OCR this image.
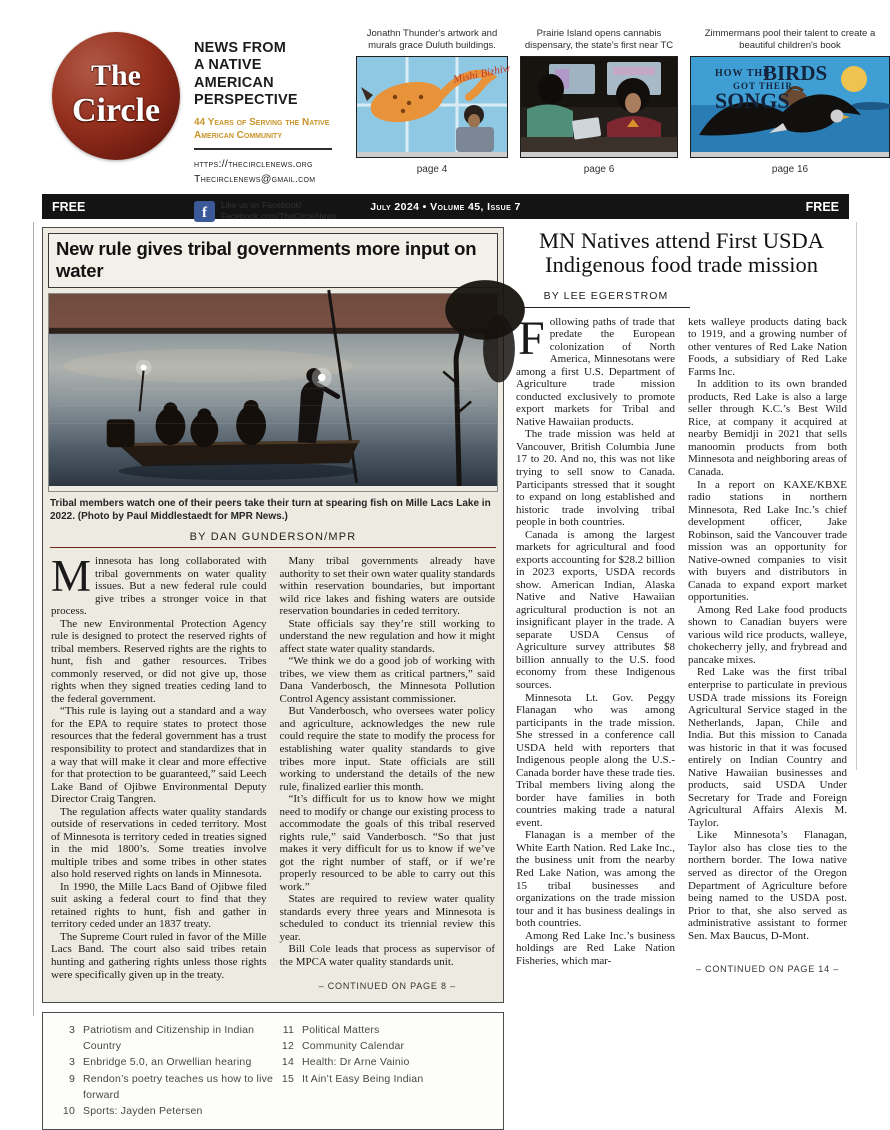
The
Circle
NEWS FROM
A NATIVE
AMERICAN
PERSPECTIVE
44 Years of Serving the Native American Community
https://thecirclenews.org
Thecirclenews@gmail.com
f	Like us on Facebook!
Facebook.com/TheCircleNews
Jonathn Thunder's artwork and murals grace Duluth buildings.
Mishi Bizhiw
page 4
Prairie Island opens cannabis dispensary, the state's first near TC
page 6
Zimmermans pool their talent to create a beautiful children's book
HOW THE
BIRDS
GOT THEIR
SONGS
page 16
FREE	July 2024 • Volume 45, Issue 7	FREE
New rule gives tribal governments more input on water
Tribal members watch one of their peers take their turn at spearing fish on Mille Lacs Lake in 2022. (Photo by Paul Middlestaedt for MPR News.)
BY DAN GUNDERSON/MPR

Minnesota has long collaborated with tribal governments on water quality issues. But a new federal rule could give tribes a stronger voice in that process.

The new Environmental Protection Agency rule is designed to protect the reserved rights of tribal members. Reserved rights are the rights to hunt, fish and gather resources. Tribes commonly reserved, or did not give up, those rights when they signed treaties ceding land to the federal government.

“This rule is laying out a standard and a way for the EPA to require states to protect those resources that the federal government has a trust responsibility to protect and standardizes that in a way that will make it clear and more effective for that protection to be guaranteed,” said Leech Lake Band of Ojibwe Environmental Deputy Director Craig Tangren.

The regulation affects water quality standards outside of reservations in ceded territory. Most of Minnesota is territory ceded in treaties signed in the mid 1800’s. Some treaties involve multiple tribes and some tribes in other states also hold reserved rights on lands in Minnesota.

In 1990, the Mille Lacs Band of Ojibwe filed suit asking a federal court to find that they retained rights to hunt, fish and gather in territory ceded under an 1837 treaty.

The Supreme Court ruled in favor of the Mille Lacs Band. The court also said tribes retain hunting and gathering rights unless those rights were specifically given up in the treaty.

Many tribal governments already have authority to set their own water quality standards within reservation boundaries, but important wild rice lakes and fishing waters are outside reservation boundaries in ceded territory.

State officials say they’re still working to understand the new regulation and how it might affect state water quality standards.

“We think we do a good job of working with tribes, we view them as critical partners,” said Dana Vanderbosch, the Minnesota Pollution Control Agency assistant commissioner.

But Vanderbosch, who oversees water policy and agriculture, acknowledges the new rule could require the state to modify the process for establishing water quality standards to give tribes more input. State officials are still working to understand the details of the new rule, finalized earlier this month.

“It’s difficult for us to know how we might need to modify or change our existing process to accommodate the goals of this tribal reserved rights rule,” said Vanderbosch. “So that just makes it very difficult for us to know if we’ve got the right number of staff, or if we’re properly resourced to be able to carry out this work.”

States are required to review water quality standards every three years and Minnesota is scheduled to conduct its triennial review this year.

Bill Cole leads that process as supervisor of the MPCA water quality standards unit.

– CONTINUED ON PAGE 8 –
3 Patriotism and Citizenship in Indian Country
3 Enbridge 5.0, an Orwellian hearing
9 Rendon’s poetry teaches us how to live forward
10 Sports: Jayden Petersen
11 Political Matters
12 Community Calendar
14 Health: Dr Arne Vainio
15 It Ain’t Easy Being Indian
MN Natives attend First USDA
Indigenous food trade mission
BY LEE EGERSTROM

Following paths of trade that predate the European colonization of North America, Minnesotans were among a first U.S. Department of Agriculture trade mission conducted exclusively to promote export markets for Tribal and Native Hawaiian products.

The trade mission was held at Vancouver, British Columbia June 17 to 20. And no, this was not like trying to sell snow to Canada. Participants stressed that it sought to expand on long established and historic trade involving tribal people in both countries.

Canada is among the largest markets for agricultural and food exports accounting for $28.2 billion in 2023 exports, USDA records show. American Indian, Alaska Native and Native Hawaiian agricultural production is not an insignificant player in the trade. A separate USDA Census of Agriculture survey attributes $8 billion annually to the U.S. food economy from these Indigenous sources.

Minnesota Lt. Gov. Peggy Flanagan who was among participants in the trade mission. She stressed in a conference call USDA held with reporters that Indigenous people along the U.S.-Canada border have these trade ties. Tribal members living along the border have families in both countries making trade a natural event.

Flanagan is a member of the White Earth Nation. Red Lake Inc., the business unit from the nearby Red Lake Nation, was among the 15 tribal businesses and organizations on the trade mission tour and it has business dealings in both countries.

Among Red Lake Inc.’s business holdings are Red Lake Nation Fisheries, which mar-

kets walleye products dating back to 1919, and a growing number of other ventures of Red Lake Nation Foods, a subsidiary of Red Lake Farms Inc.

In addition to its own branded products, Red Lake is also a large seller through K.C.’s Best Wild Rice, at company it acquired at nearby Bemidji in 2021 that sells manoomin products from both Minnesota and neighboring areas of Canada.

In a report on KAXE/KBXE radio stations in northern Minnesota, Red Lake Inc.’s chief development officer, Jake Robinson, said the Vancouver trade mission was an opportunity for Native-owned companies to visit with buyers and distributors in Canada to expand export market opportunities.

Among Red Lake food products shown to Canadian buyers were various wild rice products, walleye, chokecherry jelly, and frybread and pancake mixes.

Red Lake was the first tribal enterprise to particulate in previous USDA trade missions its Foreign Agricultural Service staged in the Netherlands, Japan, Chile and India. But this mission to Canada was historic in that it was focused entirely on Indian Country and Native Hawaiian businesses and products, said USDA Under Secretary for Trade and Foreign Agricultural Affairs Alexis M. Taylor.

Like Minnesota’s Flanagan, Taylor also has close ties to the northern border. The Iowa native served as director of the Oregon Department of Agriculture before being named to the USDA post. Prior to that, she also served as administrative assistant to former Sen. Max Baucus, D-Mont.

– CONTINUED ON PAGE 14 –
